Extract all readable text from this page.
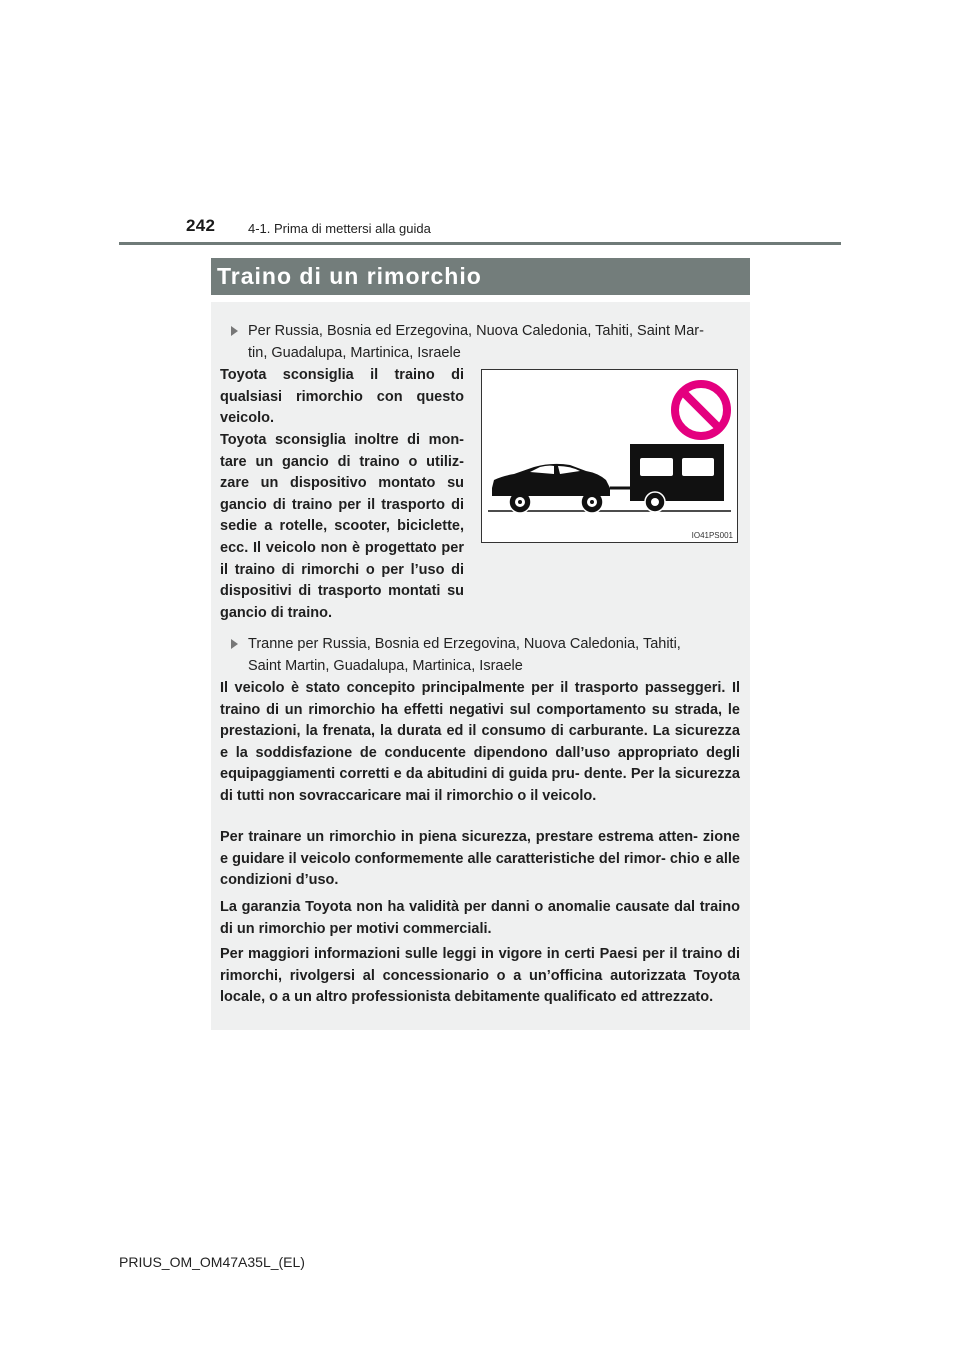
242	4-1. Prima di mettersi alla guida
Traino di un rimorchio
Per Russia, Bosnia ed Erzegovina, Nuova Caledonia, Tahiti, Saint Mar-
tin, Guadalupa, Martinica, Israele
Toyota sconsiglia il traino di qualsiasi rimorchio con questo veicolo.
Toyota sconsiglia inoltre di mon- tare un gancio di traino o utiliz- zare un dispositivo montato su gancio di traino per il trasporto di sedie a rotelle, scooter, biciclette, ecc. Il veicolo non è progettato per il traino di rimorchi o per l’uso di dispositivi di trasporto montati su gancio di traino.
IO41PS001
Tranne per Russia, Bosnia ed Erzegovina, Nuova Caledonia, Tahiti,
Saint Martin, Guadalupa, Martinica, Israele
Il veicolo è stato concepito principalmente per il trasporto passeggeri. Il traino di un rimorchio ha effetti negativi sul comportamento su strada, le prestazioni, la frenata, la durata ed il consumo di carburante. La sicurezza e la soddisfazione de conducente dipendono dall’uso appropriato degli equipaggiamenti corretti e da abitudini di guida pru- dente. Per la sicurezza di tutti non sovraccaricare mai il rimorchio o il veicolo.
Per trainare un rimorchio in piena sicurezza, prestare estrema atten- zione e guidare il veicolo conformemente alle caratteristiche del rimor- chio e alle condizioni d’uso.
La garanzia Toyota non ha validità per danni o anomalie causate dal traino di un rimorchio per motivi commerciali.
Per maggiori informazioni sulle leggi in vigore in certi Paesi per il traino di rimorchi, rivolgersi al concessionario o a un’officina autorizzata Toyota locale, o a un altro professionista debitamente qualificato ed attrezzato.
PRIUS_OM_OM47A35L_(EL)
